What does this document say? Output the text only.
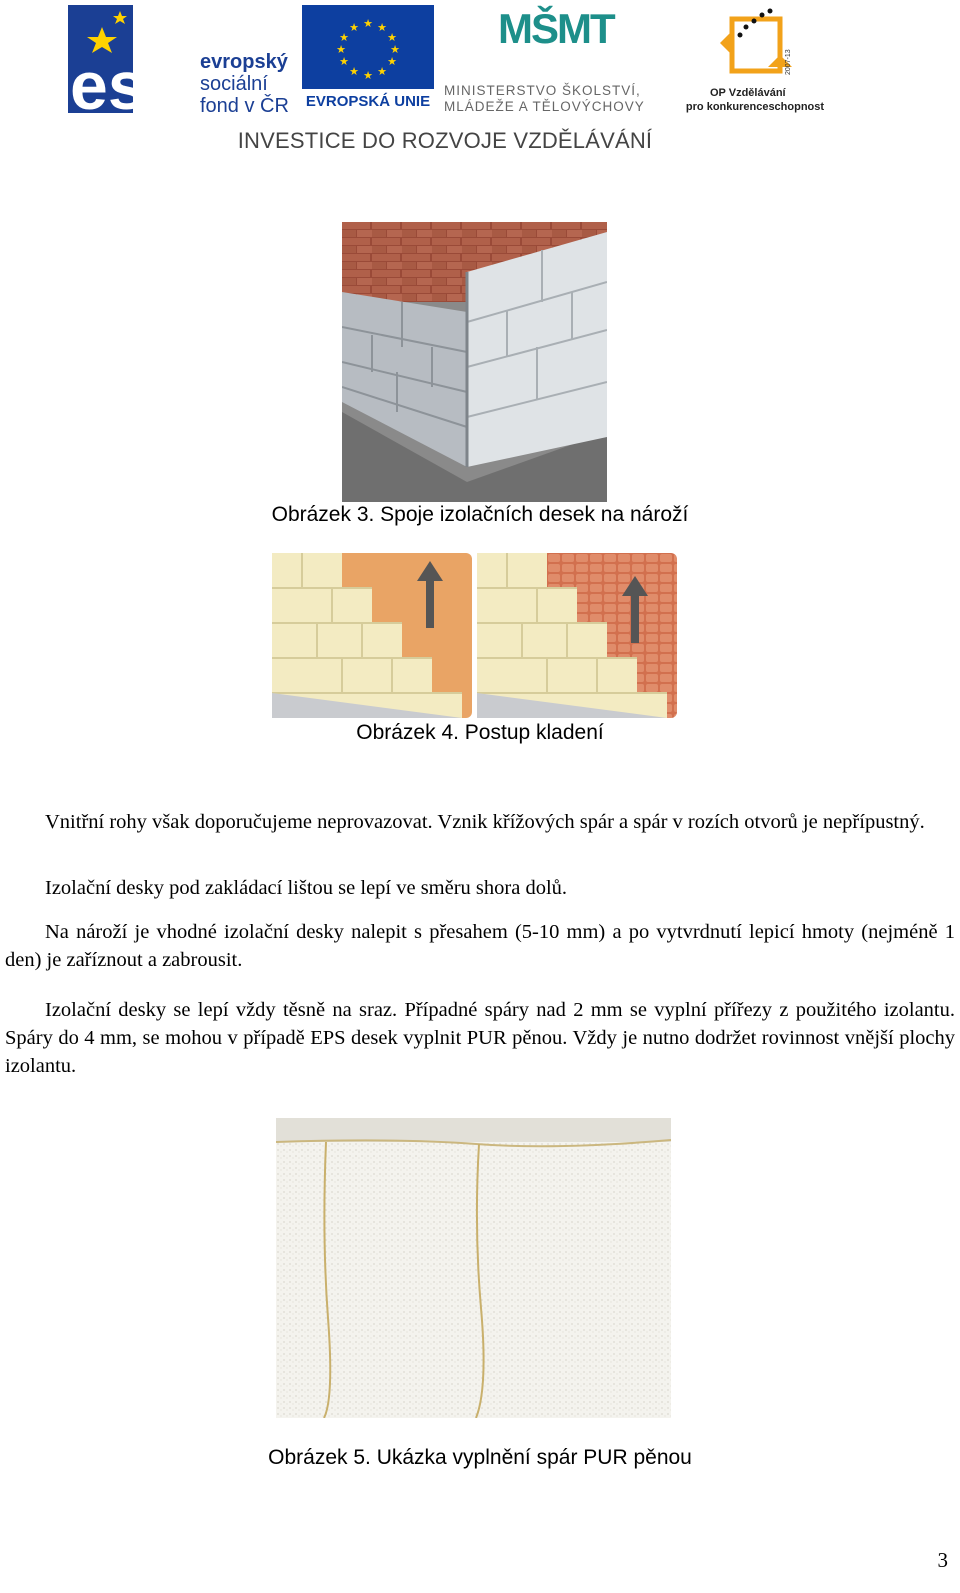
esf evropský
sociální
fond v ČR
★ ★
★
★
★
★
★
★
★
★
★
★
EVROPSKÁ UNIE
MŠMT
MINISTERSTVO ŠKOLSTVÍ,
MLÁDEŽE A TĚLOVÝCHOVY
2007-13
OP Vzdělávání
pro konkurenceschopnost
INVESTICE DO ROZVOJE VZDĚLÁVÁNÍ
Obrázek 3. Spoje izolačních desek na nároží
Obrázek 4. Postup kladení
Vnitřní rohy však doporučujeme neprovazovat. Vznik křížových spár a spár v rozích otvorů je nepřípustný.
Izolační desky pod zakládací lištou se lepí ve směru shora dolů.
Na nároží je vhodné izolační desky nalepit s přesahem (5-10 mm) a po vytvrdnutí lepicí hmoty (nejméně 1 den) je zaříznout a zabrousit.
Izolační desky se lepí vždy těsně na sraz. Případné spáry nad 2 mm se vyplní přířezy z použitého izolantu. Spáry do 4 mm, se mohou v případě EPS desek vyplnit PUR pěnou. Vždy je nutno dodržet rovinnost vnější plochy izolantu.
Obrázek 5. Ukázka vyplnění spár PUR pěnou
3
